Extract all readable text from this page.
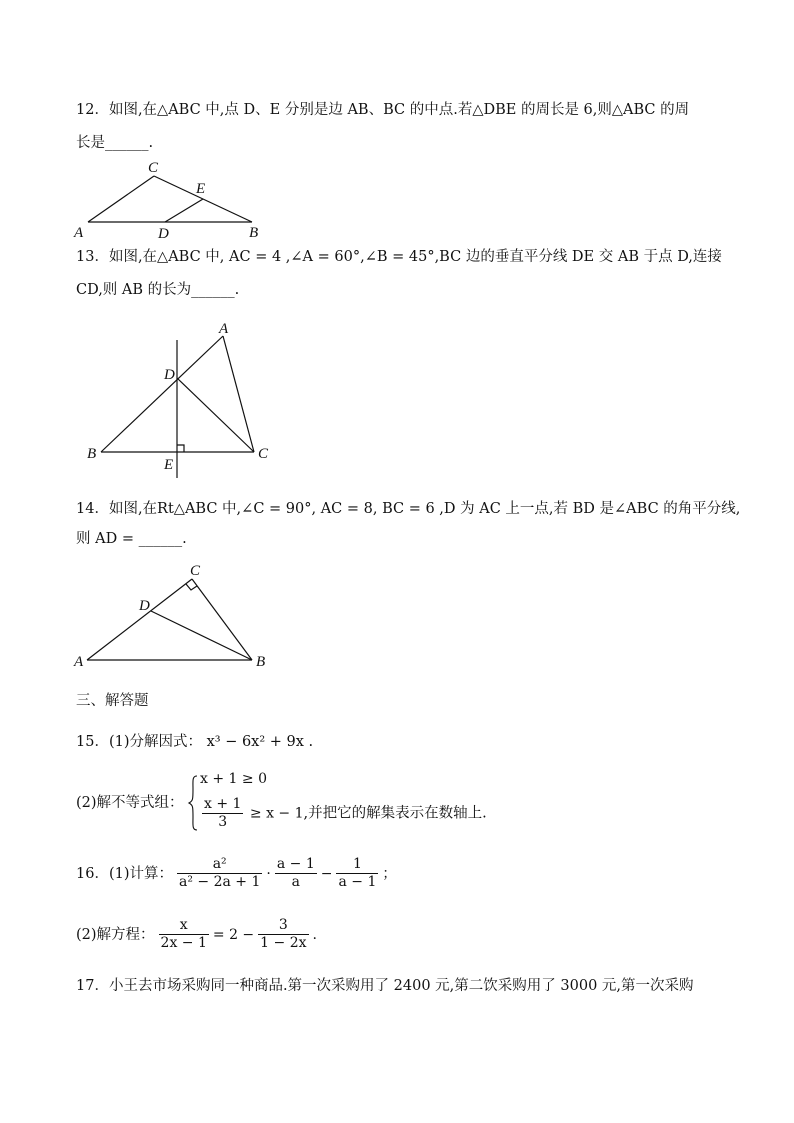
12．如图,在△ABC 中,点 D、E 分别是边 AB、BC 的中点.若△DBE 的周长是 6,则△ABC 的周
长是______.
C
E
A	D	B
A
D
B
E
C
C
D
A	B
13．如图,在△ABC 中, AC = 4 ,∠A = 60°,∠B = 45°,BC 边的垂直平分线 DE 交 AB 于点 D,连接
CD,则 AB 的长为______.
14．如图,在Rt△ABC 中,∠C = 90°, AC = 8, BC = 6 ,D 为 AC 上一点,若 BD 是∠ABC 的角平分线,
则 AD = ______.
三、解答题
15．(1)分解因式： x³ − 6x² + 9x .
(2)解不等式组：
x + 1 ≥ 0
$\frac{x + 1}{3} \ge x - 1$,并把它的解集表示在数轴上.
16．(1)计算： $\frac{\text{a²}}{\text{a² − 2a + 1}} \cdot \frac{a - 1}{a} - \frac{1}{a - 1}$ ；
(2)解方程： $\frac{x}{2x - 1} = 2 - \frac{3}{1 - 2x}$ .
17．小王去市场采购同一种商品.第一次采购用了 2400 元,第二饮采购用了 3000 元,第一次采购
